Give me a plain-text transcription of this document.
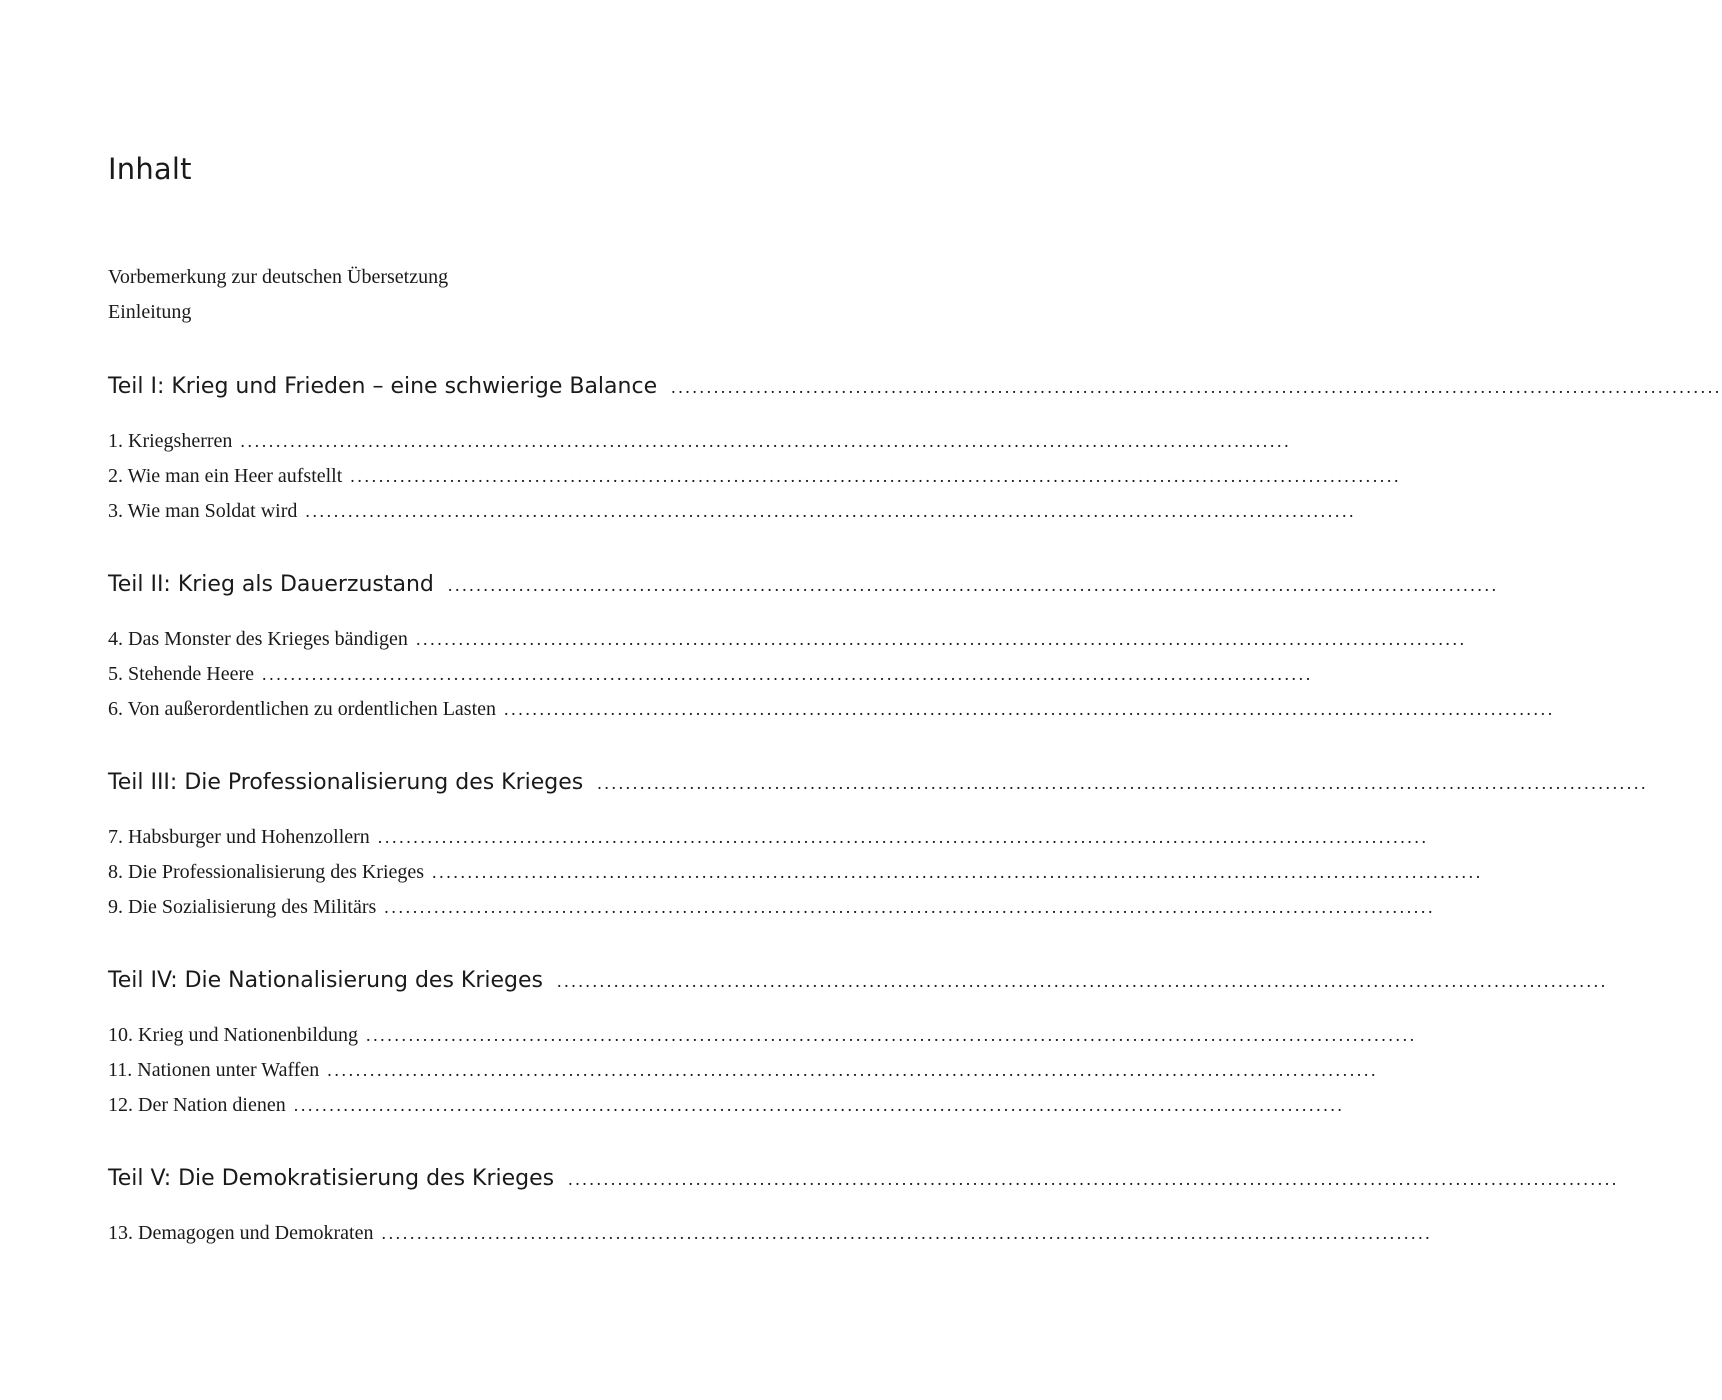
Inhalt

Vorbemerkung zur deutschen Übersetzung

Einleitung

Teil I: Krieg und Frieden – eine schwierige Balance ....................................................................................................................................................
1. Kriegsherren ....................................................................................................................................................
2. Wie man ein Heer aufstellt ....................................................................................................................................................
3. Wie man Soldat wird ....................................................................................................................................................
Teil II: Krieg als Dauerzustand ....................................................................................................................................................
4. Das Monster des Krieges bändigen ....................................................................................................................................................
5. Stehende Heere ....................................................................................................................................................
6. Von außerordentlichen zu ordentlichen Lasten ....................................................................................................................................................
Teil III: Die Professionalisierung des Krieges ....................................................................................................................................................
7. Habsburger und Hohenzollern ....................................................................................................................................................
8. Die Professionalisierung des Krieges ....................................................................................................................................................
9. Die Sozialisierung des Militärs ....................................................................................................................................................
Teil IV: Die Nationalisierung des Krieges ....................................................................................................................................................
10. Krieg und Nationenbildung ....................................................................................................................................................
11. Nationen unter Waffen ....................................................................................................................................................
12. Der Nation dienen ....................................................................................................................................................
Teil V: Die Demokratisierung des Krieges ....................................................................................................................................................
13. Demagogen und Demokraten ....................................................................................................................................................
